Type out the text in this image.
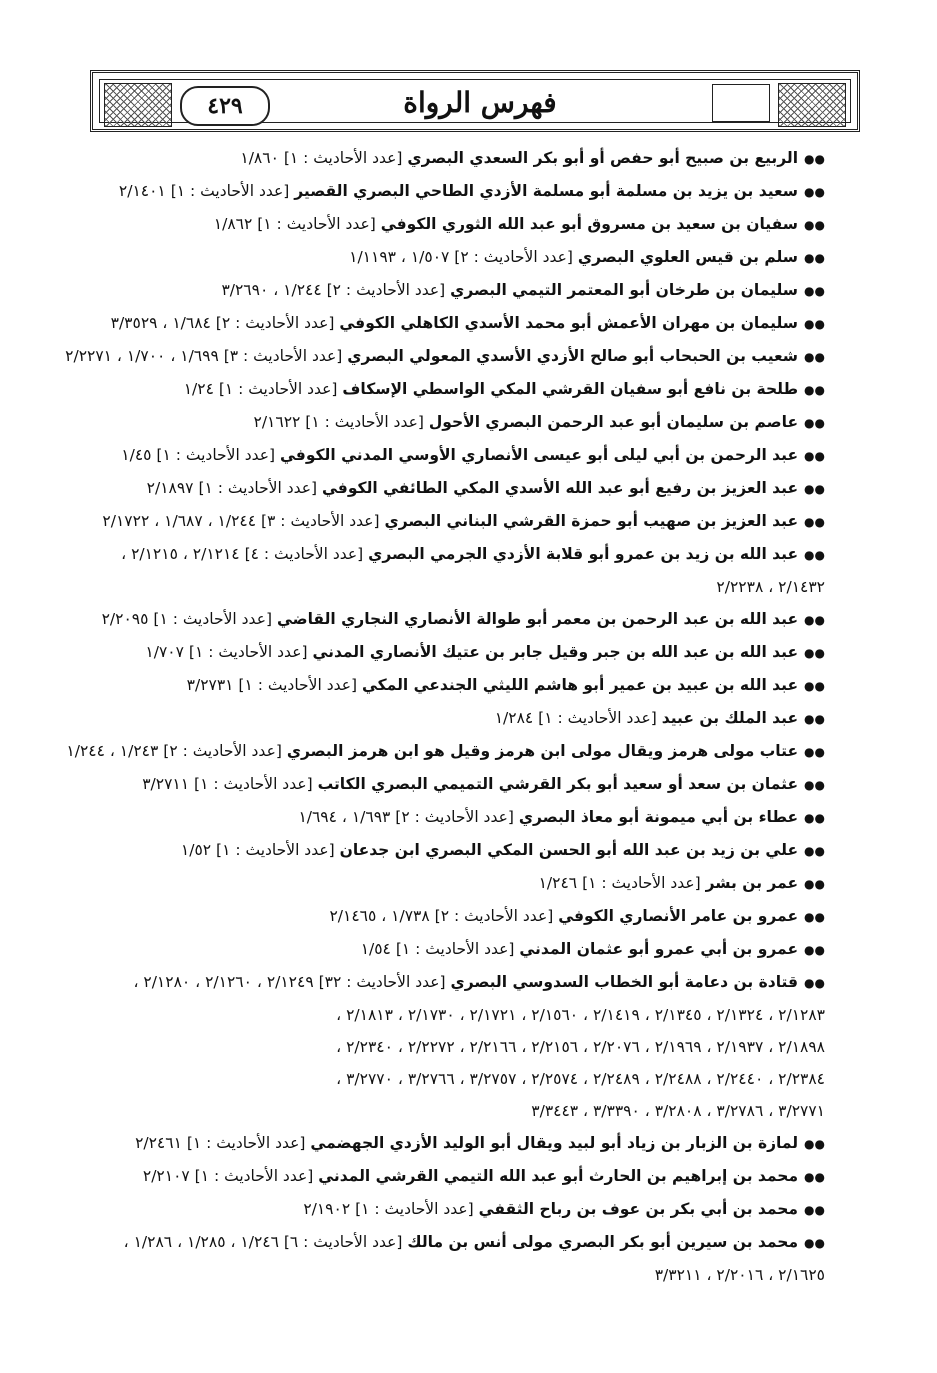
٤٢٩	فهرس الرواة
●●الربيع بن صبيح أبو حفص أو أبو بكر السعدي البصري [عدد الأحاديث : ١] ١/٨٦٠
●●سعيد بن يزيد بن مسلمة أبو مسلمة الأزدي الطاحي البصري القصير [عدد الأحاديث : ١] ٢/١٤٠١
●●سفيان بن سعيد بن مسروق أبو عبد الله الثوري الكوفي [عدد الأحاديث : ١] ١/٨٦٢
●●سلم بن قيس العلوي البصري [عدد الأحاديث : ٢] ١/٥٠٧ ، ١/١١٩٣
●●سليمان بن طرخان أبو المعتمر التيمي البصري [عدد الأحاديث : ٢] ١/٢٤٤ ، ٣/٢٦٩٠
●●سليمان بن مهران الأعمش أبو محمد الأسدي الكاهلي الكوفي [عدد الأحاديث : ٢] ١/٦٨٤ ، ٣/٣٥٢٩
●●شعيب بن الحبحاب أبو صالح الأزدي الأسدي المعولي البصري [عدد الأحاديث : ٣] ١/٦٩٩ ، ١/٧٠٠ ، ٢/٢٢٧١
●●طلحة بن نافع أبو سفيان القرشي المكي الواسطي الإسكاف [عدد الأحاديث : ١] ١/٢٤
●●عاصم بن سليمان أبو عبد الرحمن البصري الأحول [عدد الأحاديث : ١] ٢/١٦٢٢
●●عبد الرحمن بن أبي ليلى أبو عيسى الأنصاري الأوسي المدني الكوفي [عدد الأحاديث : ١] ١/٤٥
●●عبد العزيز بن رفيع أبو عبد الله الأسدي المكي الطائفي الكوفي [عدد الأحاديث : ١] ٢/١٨٩٧
●●عبد العزيز بن صهيب أبو حمزة القرشي البناني البصري [عدد الأحاديث : ٣] ١/٢٤٤ ، ١/٦٨٧ ، ٢/١٧٢٢
●●عبد الله بن زيد بن عمرو أبو قلابة الأزدي الجرمي البصري [عدد الأحاديث : ٤] ٢/١٢١٤ ، ٢/١٢١٥ ،
٢/١٤٣٢ ، ٢/٢٢٣٨
●●عبد الله بن عبد الرحمن بن معمر أبو طوالة الأنصاري النجاري القاضي [عدد الأحاديث : ١] ٢/٢٠٩٥
●●عبد الله بن عبد الله بن جبر وقيل جابر بن عتيك الأنصاري المدني [عدد الأحاديث : ١] ١/٧٠٧
●●عبد الله بن عبيد بن عمير أبو هاشم الليثي الجندعي المكي [عدد الأحاديث : ١] ٣/٢٧٣١
●●عبد الملك بن عبيد [عدد الأحاديث : ١] ١/٢٨٤
●●عتاب مولى هرمز ويقال مولى ابن هرمز وقيل هو ابن هرمز البصري [عدد الأحاديث : ٢] ١/٢٤٣ ، ١/٢٤٤
●●عثمان بن سعد أو سعيد أبو بكر القرشي التميمي البصري الكاتب [عدد الأحاديث : ١] ٣/٢٧١١
●●عطاء بن أبي ميمونة أبو معاذ البصري [عدد الأحاديث : ٢] ١/٦٩٣ ، ١/٦٩٤
●●علي بن زيد بن عبد الله أبو الحسن المكي البصري ابن جدعان [عدد الأحاديث : ١] ١/٥٢
●●عمر بن بشر [عدد الأحاديث : ١] ١/٢٤٦
●●عمرو بن عامر الأنصاري الكوفي [عدد الأحاديث : ٢] ١/٧٣٨ ، ٢/١٤٦٥
●●عمرو بن أبي عمرو أبو عثمان المدني [عدد الأحاديث : ١] ١/٥٤
●●قتادة بن دعامة أبو الخطاب السدوسي البصري [عدد الأحاديث : ٣٢] ٢/١٢٤٩ ، ٢/١٢٦٠ ، ٢/١٢٨٠ ،
٢/١٢٨٣ ، ٢/١٣٢٤ ، ٢/١٣٤٥ ، ٢/١٤١٩ ، ٢/١٥٦٠ ، ٢/١٧٢١ ، ٢/١٧٣٠ ، ٢/١٨١٣ ،
٢/١٨٩٨ ، ٢/١٩٣٧ ، ٢/١٩٦٩ ، ٢/٢٠٧٦ ، ٢/٢١٥٦ ، ٢/٢١٦٦ ، ٢/٢٢٧٢ ، ٢/٢٣٤٠ ،
٢/٢٣٨٤ ، ٢/٢٤٤٠ ، ٢/٢٤٨٨ ، ٢/٢٤٨٩ ، ٢/٢٥٧٤ ، ٣/٢٧٥٧ ، ٣/٢٧٦٦ ، ٣/٢٧٧٠ ،
٣/٢٧٧١ ، ٣/٢٧٨٦ ، ٣/٢٨٠٨ ، ٣/٣٣٩٠ ، ٣/٣٤٤٣
●●لمازة بن الزبار بن زياد أبو لبيد ويقال أبو الوليد الأزدي الجهضمي [عدد الأحاديث : ١] ٢/٢٤٦١
●●محمد بن إبراهيم بن الحارث أبو عبد الله التيمي القرشي المدني [عدد الأحاديث : ١] ٢/٢١٠٧
●●محمد بن أبي بكر بن عوف بن رباح الثقفي [عدد الأحاديث : ١] ٢/١٩٠٢
●●محمد بن سيرين أبو بكر البصري مولى أنس بن مالك [عدد الأحاديث : ٦] ١/٢٤٦ ، ١/٢٨٥ ، ١/٢٨٦ ،
٢/١٦٢٥ ، ٢/٢٠١٦ ، ٣/٣٢١١
